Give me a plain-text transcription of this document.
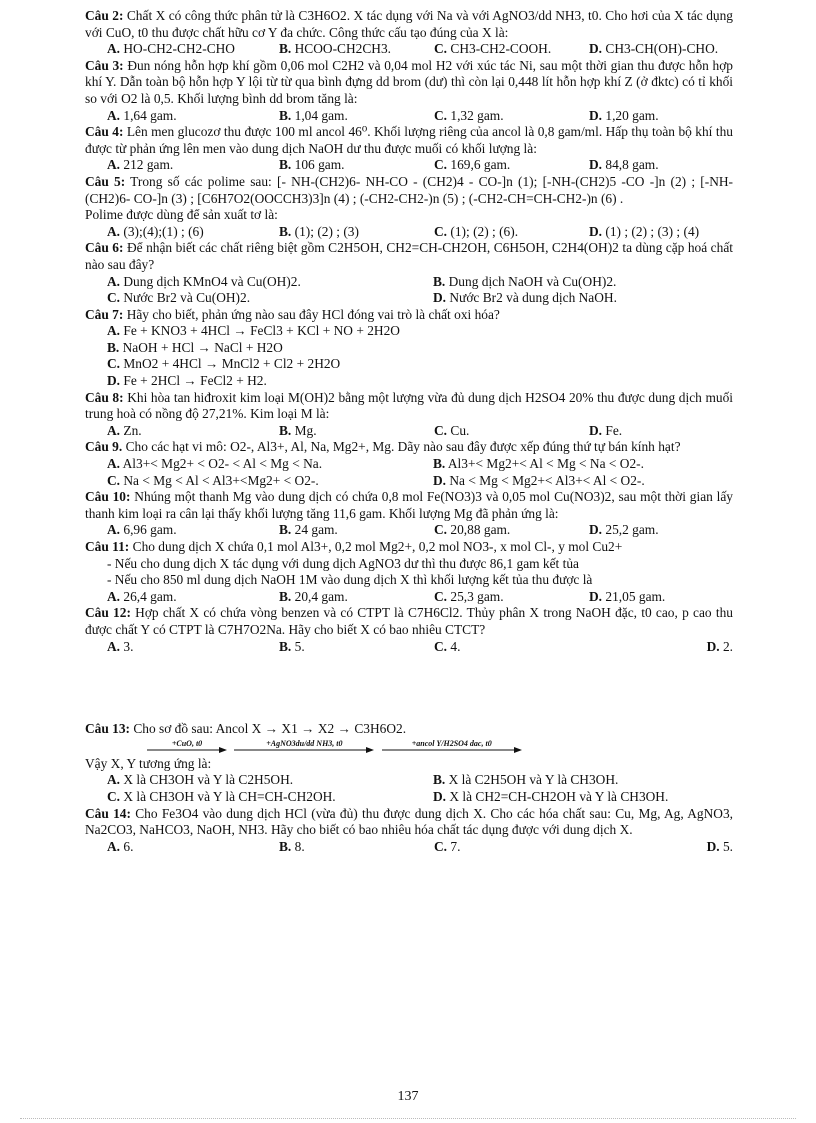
Câu 2: Chất X có công thức phân tử là C3H6O2. X tác dụng với Na và với AgNO3/dd NH3, t0. Cho hơi của X tác dụng với CuO, t0 thu được chất hữu cơ Y đa chức. Công thức cấu tạo đúng của X là:

A. HO-CH2-CH2-CHO	B. HCOO-CH2CH3.	C. CH3-CH2-COOH.	D. CH3-CH(OH)-CHO.

Câu 3: Đun nóng hỗn hợp khí gồm 0,06 mol C2H2 và 0,04 mol H2 với xúc tác Ni, sau một thời gian thu được hỗn hợp khí Y. Dẫn toàn bộ hỗn hợp Y lội từ từ qua bình đựng dd brom (dư) thì còn lại 0,448 lít hỗn hợp khí Z (ở đktc) có tỉ khối so với O2 là 0,5. Khối lượng bình dd brom tăng là:

A. 1,64 gam.	B. 1,04 gam.	C. 1,32 gam.	D. 1,20 gam.

Câu 4: Lên men glucozơ thu được 100 ml ancol 46⁰. Khối lượng riêng của ancol là 0,8 gam/ml. Hấp thụ toàn bộ khí thu được từ phản ứng lên men vào dung dịch NaOH dư thu được muối có khối lượng là:

A. 212 gam.	B. 106 gam.	C. 169,6 gam.	D. 84,8 gam.

Câu 5: Trong số các polime sau: [- NH-(CH2)6- NH-CO - (CH2)4 - CO-]n (1); [-NH-(CH2)5 -CO -]n (2) ; [-NH-(CH2)6- CO-]n (3) ; [C6H7O2(OOCCH3)3]n (4) ; (-CH2-CH2-)n (5) ; (-CH2-CH=CH-CH2-)n (6) .

Polime được dùng để sản xuất tơ là:

A. (3);(4);(1) ; (6)	B. (1); (2) ; (3)	C. (1); (2) ; (6).	D. (1) ; (2) ; (3) ; (4)

Câu 6: Để nhận biết các chất riêng biệt gồm C2H5OH, CH2=CH-CH2OH, C6H5OH, C2H4(OH)2 ta dùng cặp hoá chất nào sau đây?

A. Dung dịch KMnO4 và Cu(OH)2.	B. Dung dịch NaOH và Cu(OH)2.
C. Nước Br2 và Cu(OH)2.	D. Nước Br2 và dung dịch NaOH.

Câu 7: Hãy cho biết, phản ứng nào sau đây HCl đóng vai trò là chất oxi hóa?

A. Fe + KNO3 + 4HCl → FeCl3 + KCl + NO + 2H2O
B. NaOH + HCl → NaCl + H2O
C. MnO2 + 4HCl → MnCl2 + Cl2 + 2H2O
D. Fe + 2HCl → FeCl2 + H2.

Câu 8: Khi hòa tan hiđroxit kim loại M(OH)2 bằng một lượng vừa đủ dung dịch H2SO4 20% thu được dung dịch muối trung hoà có nồng độ 27,21%. Kim loại M là:

A. Zn.	B. Mg.	C. Cu.	D. Fe.

Câu 9. Cho các hạt vi mô: O2-, Al3+, Al, Na, Mg2+, Mg. Dãy nào sau đây được xếp đúng thứ tự bán kính hạt?

A. Al3+< Mg2+ < O2- < Al < Mg < Na.	B. Al3+< Mg2+< Al < Mg < Na < O2-.
C. Na < Mg < Al < Al3+<Mg2+ < O2-.	D. Na < Mg < Mg2+< Al3+< Al < O2-.

Câu 10: Nhúng một thanh Mg vào dung dịch có chứa 0,8 mol Fe(NO3)3 và 0,05 mol Cu(NO3)2, sau một thời gian lấy thanh kim loại ra cân lại thấy khối lượng tăng 11,6 gam. Khối lượng Mg đã phản ứng là:

A. 6,96 gam.	B. 24 gam.	C. 20,88 gam.	D. 25,2 gam.

Câu 11: Cho dung dịch X chứa 0,1 mol Al3+, 0,2 mol Mg2+, 0,2 mol NO3-, x mol Cl-, y mol Cu2+

- Nếu cho dung dịch X tác dụng với dung dịch AgNO3 dư thì thu được 86,1 gam kết tủa
- Nếu cho 850 ml dung dịch NaOH 1M vào dung dịch X thì khối lượng kết tủa thu được là
A. 26,4 gam.	B. 20,4 gam.	C. 25,3 gam.	D. 21,05 gam.

Câu 12: Hợp chất X có chứa vòng benzen và có CTPT là C7H6Cl2. Thủy phân X trong NaOH đặc, t0 cao, p cao thu được chất Y có CTPT là C7H7O2Na. Hãy cho biết X có bao nhiêu CTCT?

A. 3.	B. 5.	C. 4.	D. 2.

Câu 13: Cho sơ đồ sau: Ancol X → X1 → X2 → C3H6O2.

+CuO, t0
	+AgNO3du/dd NH3, t0
	+ancol Y/H2SO4 dac, t0

Vậy X, Y tương ứng là:

A. X là CH3OH và Y là C2H5OH.	B. X là C2H5OH và Y là CH3OH.
C. X là CH3OH và Y là CH=CH-CH2OH.	D. X là CH2=CH-CH2OH và Y là CH3OH.

Câu 14: Cho Fe3O4 vào dung dịch HCl (vừa đủ) thu được dung dịch X. Cho các hóa chất sau: Cu, Mg, Ag, AgNO3, Na2CO3, NaHCO3, NaOH, NH3. Hãy cho biết có bao nhiêu hóa chất tác dụng được với dung dịch X.

A. 6.	B. 8.	C. 7.	D. 5.
137
